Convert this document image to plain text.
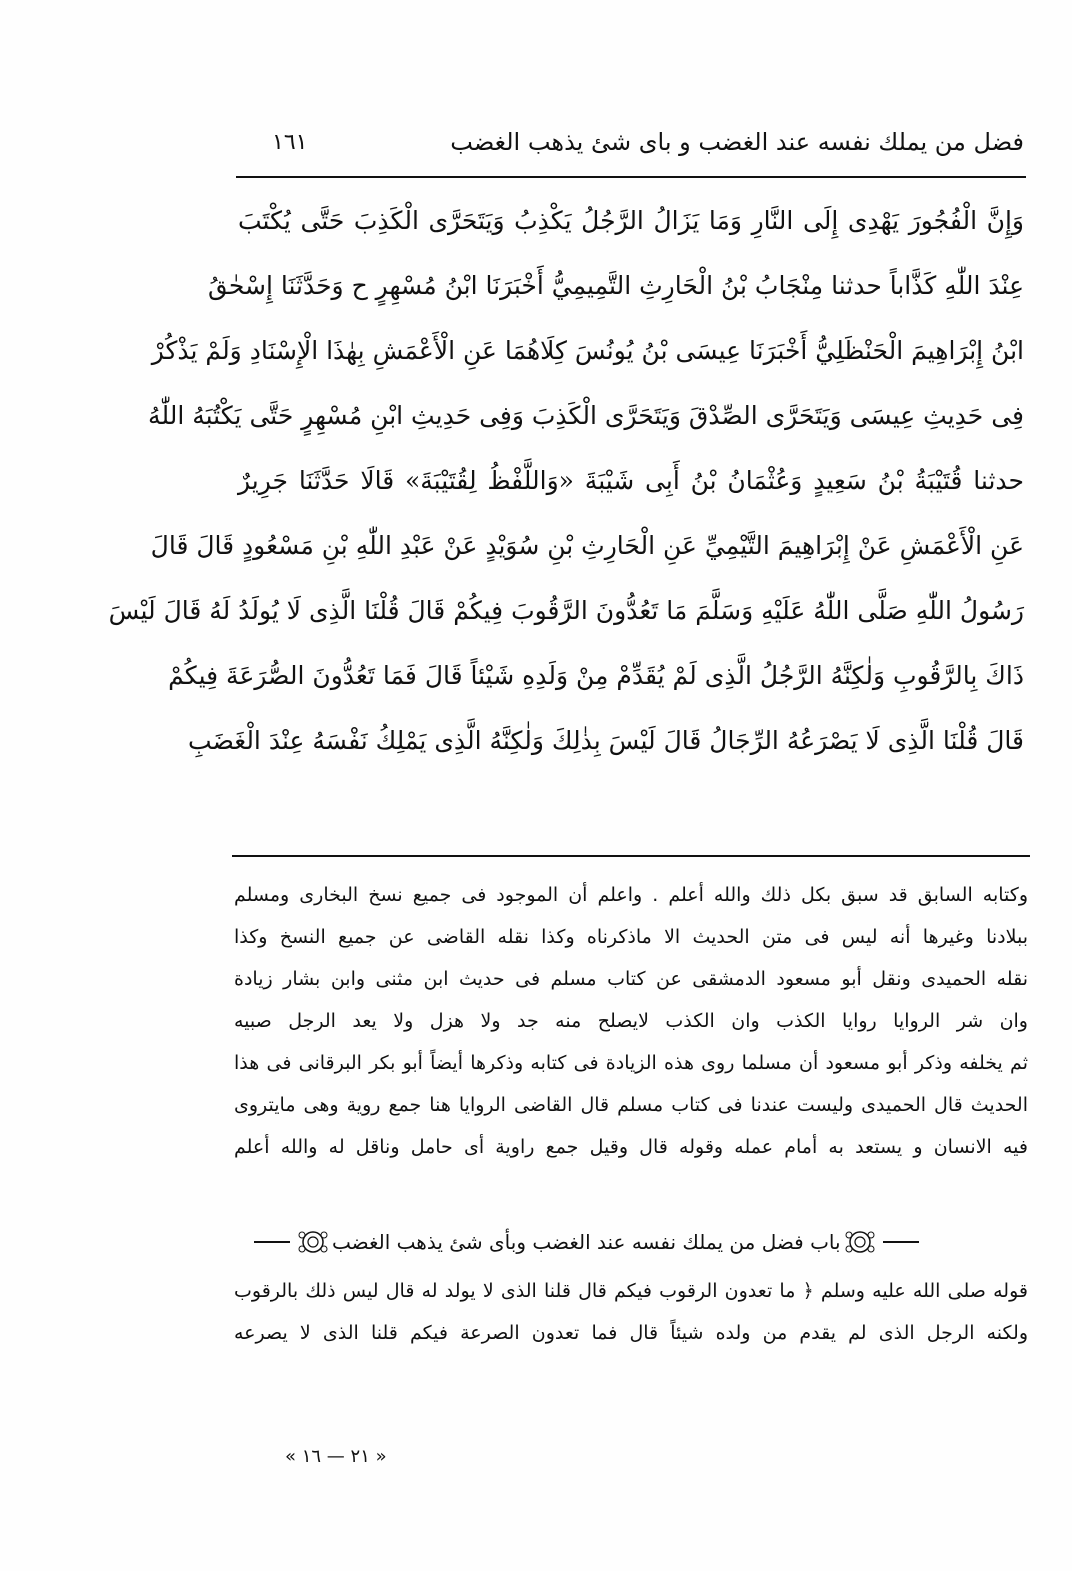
فضل من يملك نفسه عند الغضب و باى شئ يذهب الغضب
١٦١
وَإِنَّ الْفُجُورَ يَهْدِى إِلَى النَّارِ وَمَا يَزَالُ الرَّجُلُ يَكْذِبُ وَيَتَحَرَّى الْكَذِبَ حَتَّى يُكْتَبَ
عِنْدَ اللّٰهِ كَذَّاباً حدثنا مِنْجَابُ بْنُ الْحَارِثِ التَّمِيمِيُّ أَخْبَرَنَا ابْنُ مُسْهِرٍ ح وَحَدَّثَنَا إِسْحٰقُ
ابْنُ إِبْرَاهِيمَ الْحَنْظَلِيُّ أَخْبَرَنَا عِيسَى بْنُ يُونُسَ كِلَاهُمَا عَنِ الْأَعْمَشِ بِهٰذَا الْإِسْنَادِ وَلَمْ يَذْكُرْ
فِى حَدِيثِ عِيسَى وَيَتَحَرَّى الصِّدْقَ وَيَتَحَرَّى الْكَذِبَ وَفِى حَدِيثِ ابْنِ مُسْهِرٍ حَتَّى يَكْتُبَهُ اللّٰهُ
حدثنا قُتَيْبَةُ بْنُ سَعِيدٍ وَعُثْمَانُ بْنُ أَبِى شَيْبَةَ «وَاللَّفْظُ لِقُتَيْبَةَ» قَالَا حَدَّثَنَا جَرِيرٌ
عَنِ الْأَعْمَشِ عَنْ إِبْرَاهِيمَ التَّيْمِيِّ عَنِ الْحَارِثِ بْنِ سُوَيْدٍ عَنْ عَبْدِ اللّٰهِ بْنِ مَسْعُودٍ قَالَ قَالَ
رَسُولُ اللّٰهِ صَلَّى اللّٰهُ عَلَيْهِ وَسَلَّمَ مَا تَعُدُّونَ الرَّقُوبَ فِيكُمْ قَالَ قُلْنَا الَّذِى لَا يُولَدُ لَهُ قَالَ لَيْسَ
ذَاكَ بِالرَّقُوبِ وَلٰكِنَّهُ الرَّجُلُ الَّذِى لَمْ يُقَدِّمْ مِنْ وَلَدِهِ شَيْئاً قَالَ فَمَا تَعُدُّونَ الصُّرَعَةَ فِيكُمْ
قَالَ قُلْنَا الَّذِى لَا يَصْرَعُهُ الرِّجَالُ قَالَ لَيْسَ بِذٰلِكَ وَلٰكِنَّهُ الَّذِى يَمْلِكُ نَفْسَهُ عِنْدَ الْغَضَبِ
وكتابه السابق قد سبق بكل ذلك والله أعلم . واعلم أن الموجود فى جميع نسخ البخارى ومسلم
ببلادنا وغيرها أنه ليس فى متن الحديث الا ماذكرناه وكذا نقله القاضى عن جميع النسخ وكذا
نقله الحميدى ونقل أبو مسعود الدمشقى عن كتاب مسلم فى حديث ابن مثنى وابن بشار زيادة
وان شر الروايا روايا الكذب وان الكذب لايصلح منه جد ولا هزل ولا يعد الرجل صبيه
ثم يخلفه وذكر أبو مسعود أن مسلما روى هذه الزيادة فى كتابه وذكرها أيضاً أبو بكر البرقانى فى هذا
الحديث قال الحميدى وليست عندنا فى كتاب مسلم قال القاضى الروايا هنا جمع روية وهى مايتروى
فيه الانسان و يستعد به أمام عمله وقوله قال وقيل جمع راوية أى حامل وناقل له والله أعلم
باب فضل من يملك نفسه عند الغضب وبأى شئ يذهب الغضب
قوله صلى الله عليه وسلم ﴿ ما تعدون الرقوب فيكم قال قلنا الذى لا يولد له قال ليس ذلك بالرقوب
ولكنه الرجل الذى لم يقدم من ولده شيئاً قال فما تعدون الصرعة فيكم قلنا الذى لا يصرعه
« ٢١ — ١٦ »
